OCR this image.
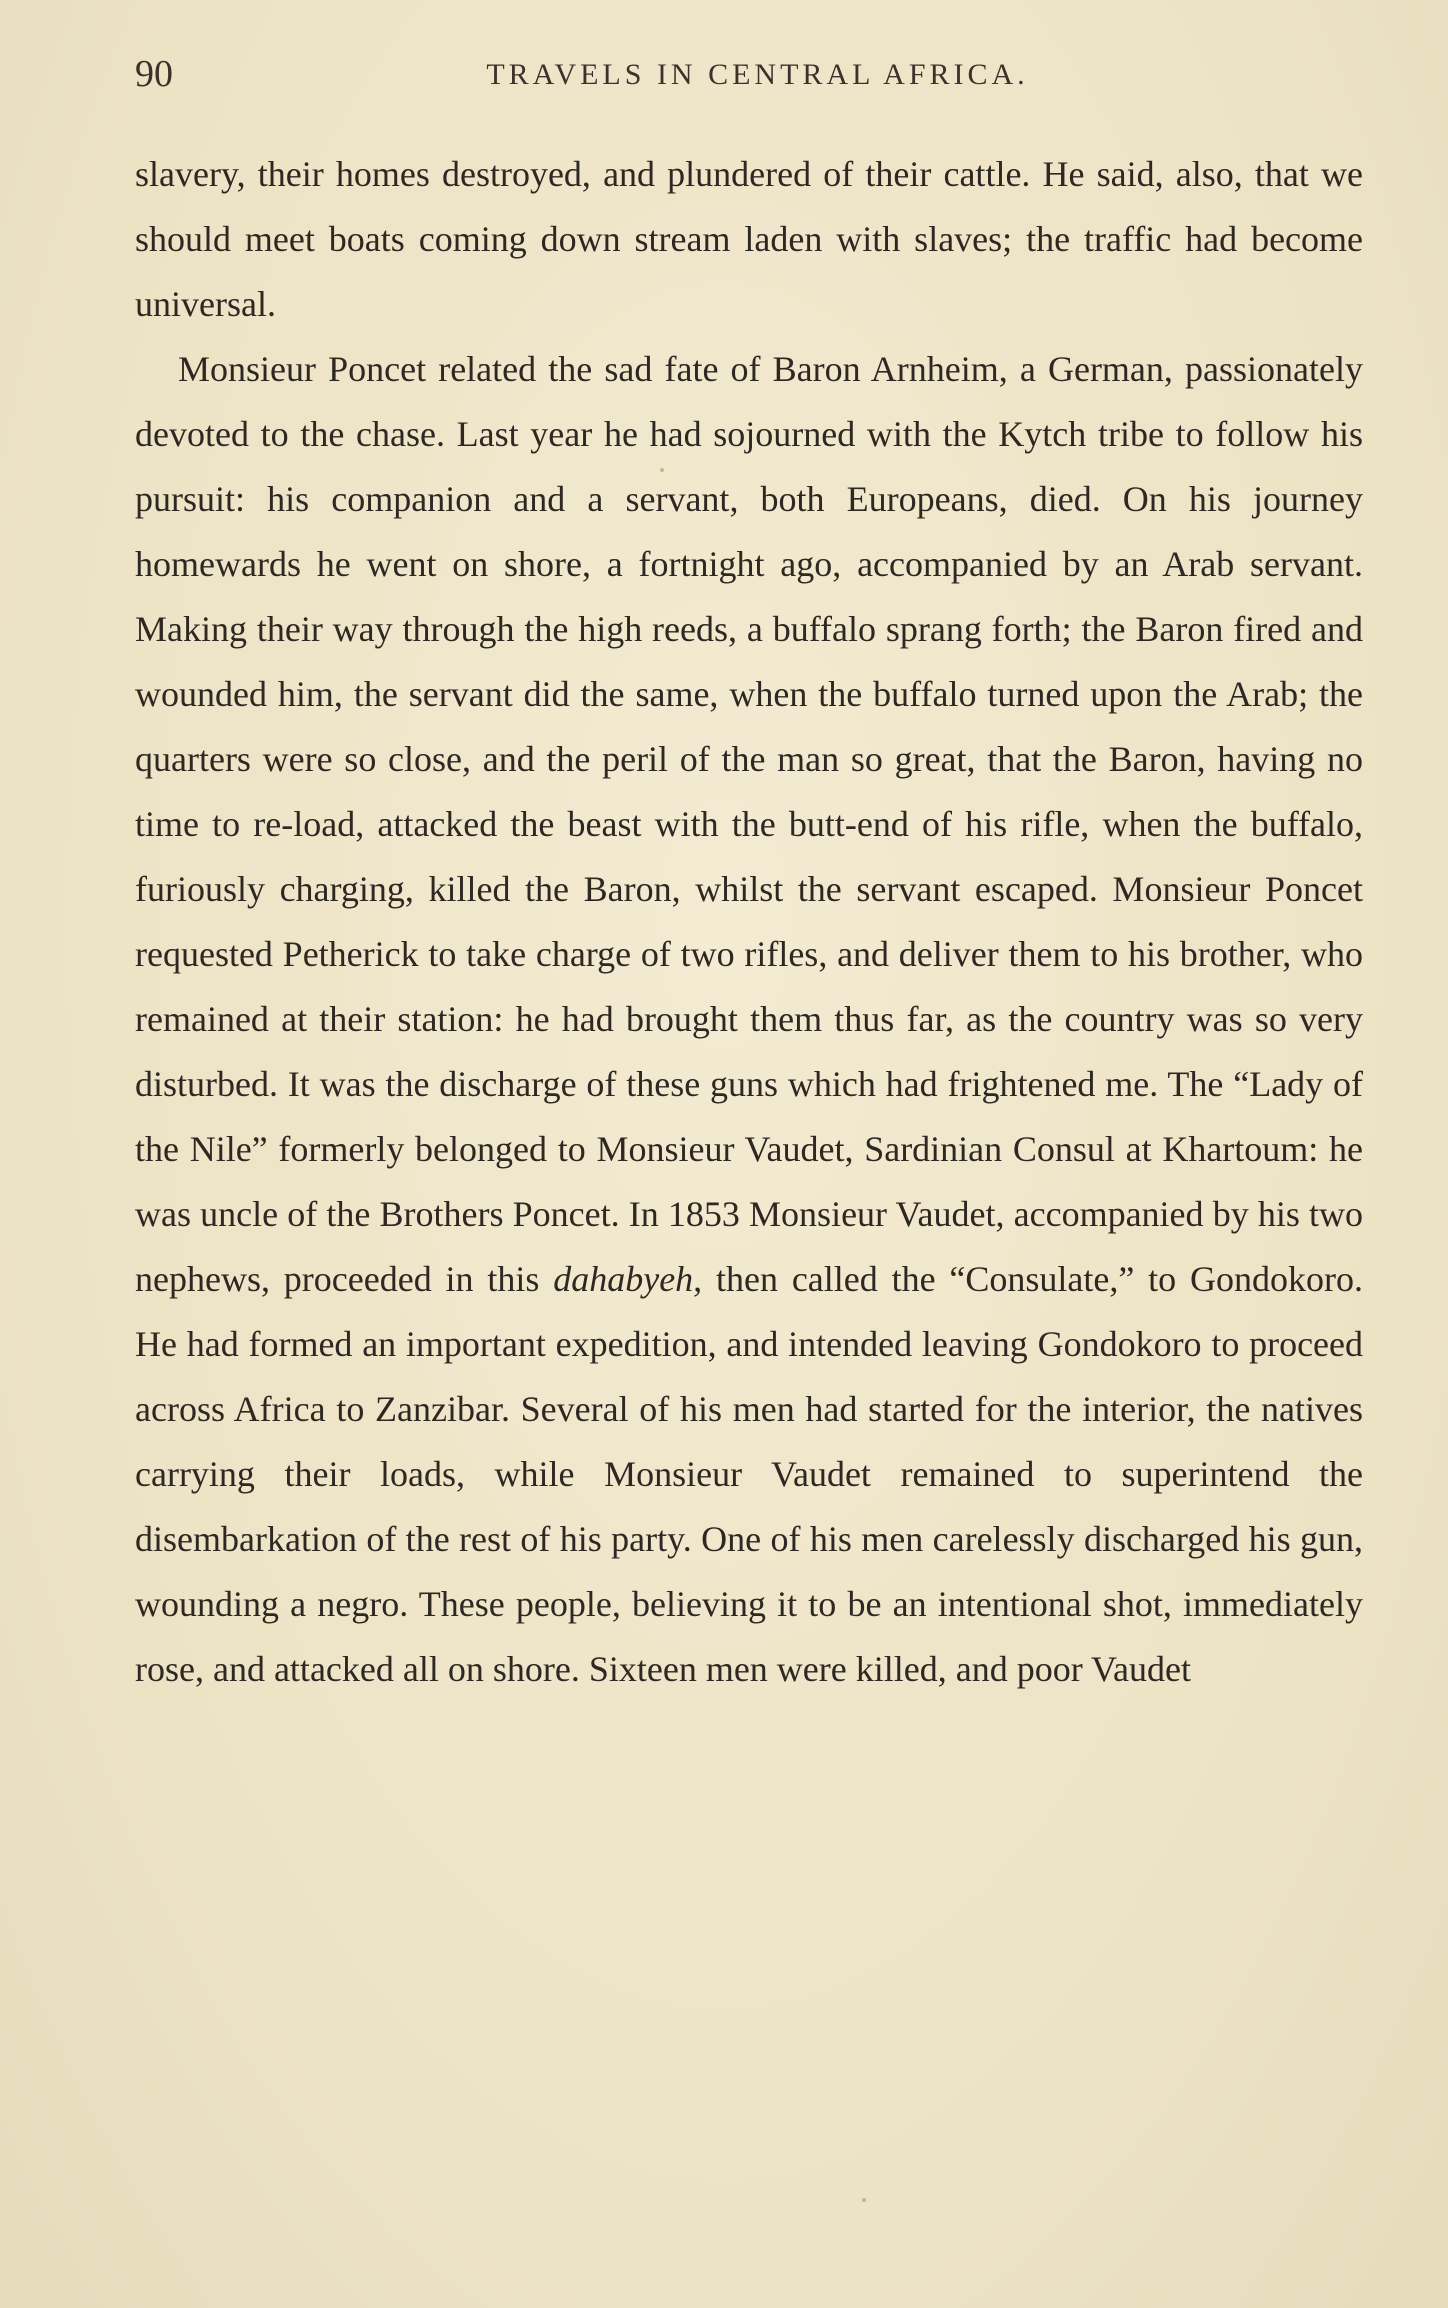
90	TRAVELS IN CENTRAL AFRICA.

slavery, their homes destroyed, and plundered of their cattle. He said, also, that we should meet boats coming down stream laden with slaves; the traffic had become universal.

Monsieur Poncet related the sad fate of Baron Arnheim, a German, passionately devoted to the chase. Last year he had sojourned with the Kytch tribe to follow his pursuit: his companion and a servant, both Europeans, died. On his journey homewards he went on shore, a fortnight ago, accompanied by an Arab servant. Making their way through the high reeds, a buffalo sprang forth; the Baron fired and wounded him, the servant did the same, when the buffalo turned upon the Arab; the quarters were so close, and the peril of the man so great, that the Baron, having no time to re-load, attacked the beast with the butt-end of his rifle, when the buffalo, furiously charging, killed the Baron, whilst the servant escaped. Monsieur Poncet requested Petherick to take charge of two rifles, and deliver them to his brother, who remained at their station: he had brought them thus far, as the country was so very disturbed. It was the discharge of these guns which had frightened me. The “Lady of the Nile” formerly belonged to Monsieur Vaudet, Sardinian Consul at Khartoum: he was uncle of the Brothers Poncet. In 1853 Monsieur Vaudet, accompanied by his two nephews, proceeded in this dahabyeh, then called the “Consulate,” to Gondokoro. He had formed an important expedition, and intended leaving Gondokoro to proceed across Africa to Zanzibar. Several of his men had started for the interior, the natives carrying their loads, while Monsieur Vaudet remained to superintend the disembarkation of the rest of his party. One of his men carelessly discharged his gun, wounding a negro. These people, believing it to be an intentional shot, immediately rose, and attacked all on shore. Sixteen men were killed, and poor Vaudet
